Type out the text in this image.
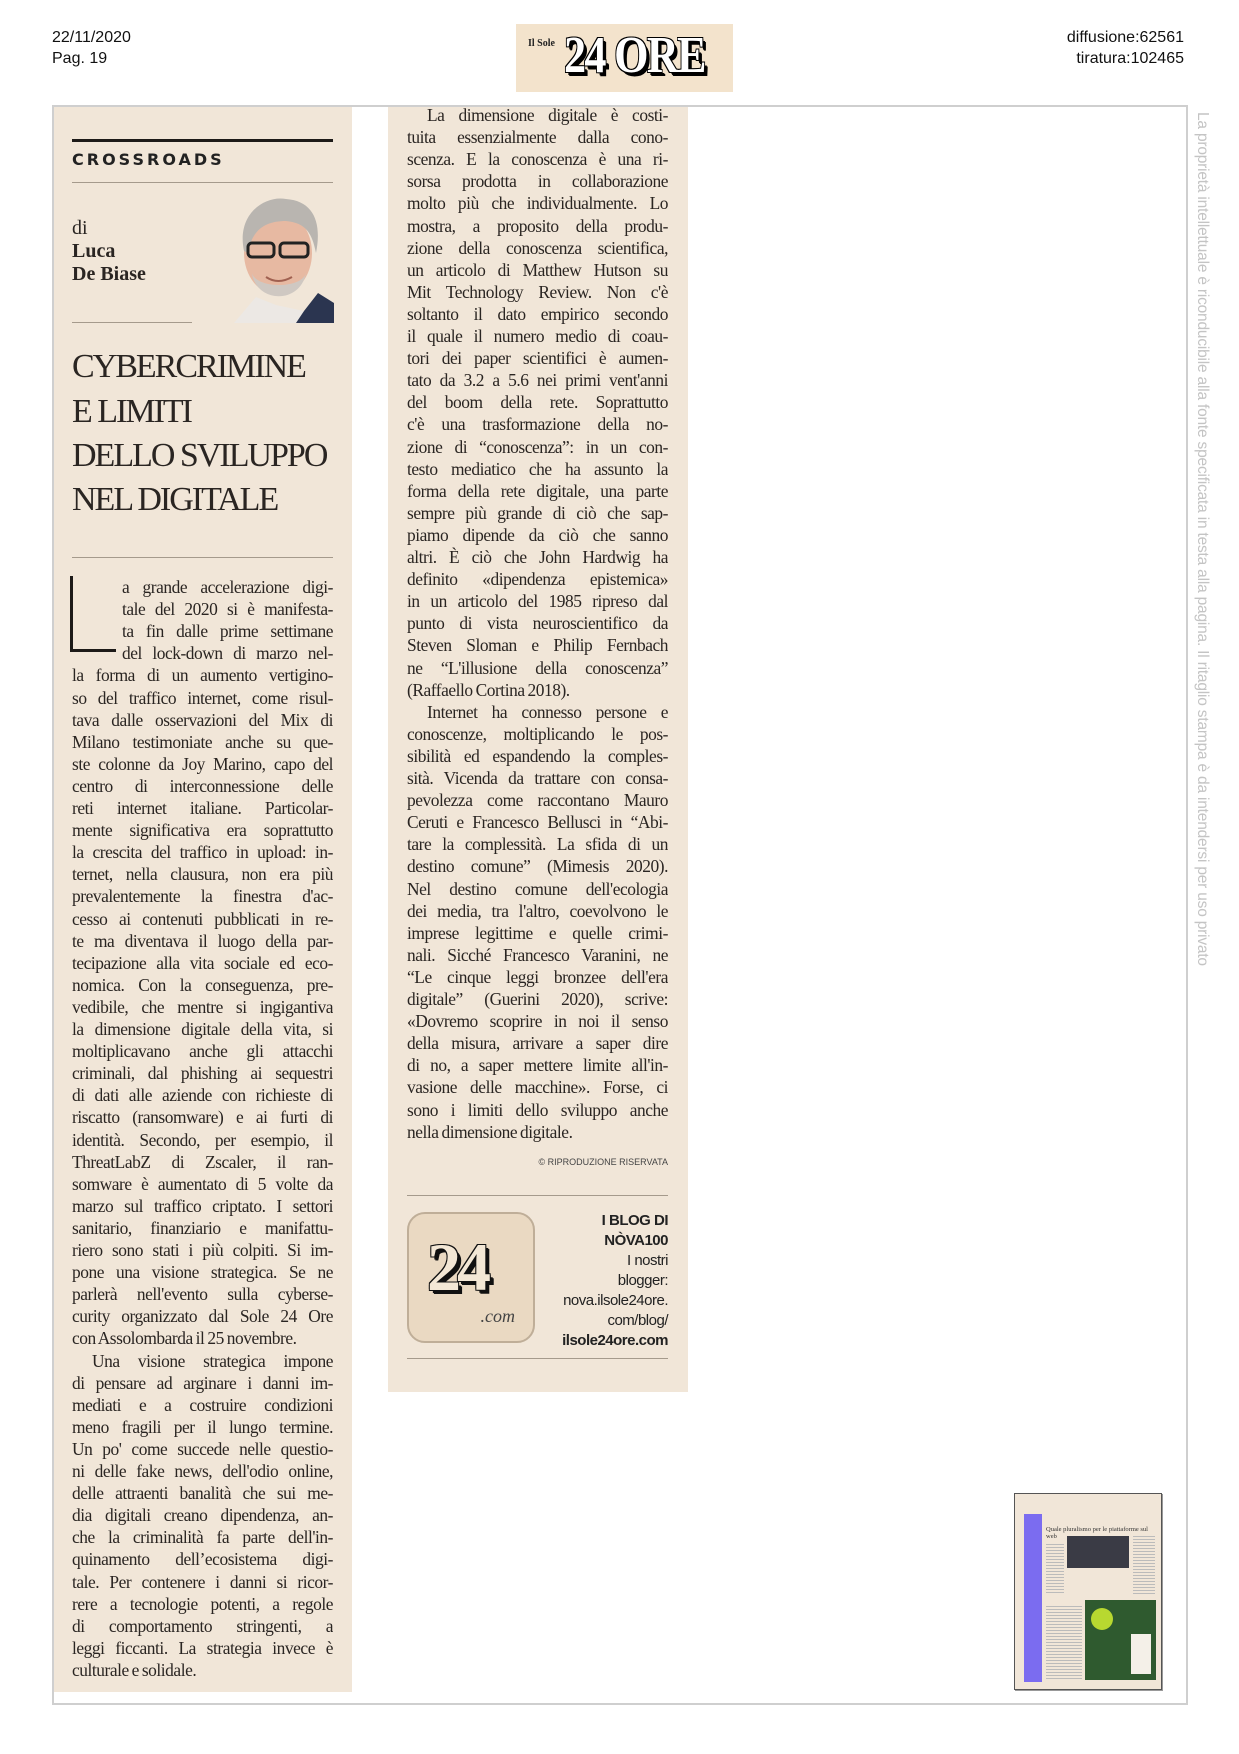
22/11/2020
Pag. 19
Il Sole 24 ORE	diffusione:62561
tiratura:102465
CROSSROADS
di
Luca
De Biase
CYBERCRIMINE
E LIMITI
DELLO SVILUPPO
NEL DIGITALE
a grande accelerazione digi-
tale del 2020 si è manifesta-
ta fin dalle prime settimane
del lock-down di marzo nel-
la forma di un aumento vertigino-
so del traffico internet, come risul-
tava dalle osservazioni del Mix di
Milano testimoniate anche su que-
ste colonne da Joy Marino, capo del
centro di interconnessione delle
reti internet italiane. Particolar-
mente significativa era soprattutto
la crescita del traffico in upload: in-
ternet, nella clausura, non era più
prevalentemente la finestra d'ac-
cesso ai contenuti pubblicati in re-
te ma diventava il luogo della par-
tecipazione alla vita sociale ed eco-
nomica. Con la conseguenza, pre-
vedibile, che mentre si ingigantiva
la dimensione digitale della vita, si
moltiplicavano anche gli attacchi
criminali, dal phishing ai sequestri
di dati alle aziende con richieste di
riscatto (ransomware) e ai furti di
identità. Secondo, per esempio, il
ThreatLabZ di Zscaler, il ran-
somware è aumentato di 5 volte da
marzo sul traffico criptato. I settori
sanitario, finanziario e manifattu-
riero sono stati i più colpiti. Si im-
pone una visione strategica. Se ne
parlerà nell'evento sulla cyberse-
curity organizzato dal Sole 24 Ore
con Assolombarda il 25 novembre.
Una visione strategica impone
di pensare ad arginare i danni im-
mediati e a costruire condizioni
meno fragili per il lungo termine.
Un po' come succede nelle questio-
ni delle fake news, dell'odio online,
delle attraenti banalità che sui me-
dia digitali creano dipendenza, an-
che la criminalità fa parte dell'in-
quinamento dell’ecosistema digi-
tale. Per contenere i danni si ricor-
rere a tecnologie potenti, a regole
di comportamento stringenti, a
leggi ficcanti. La strategia invece è
culturale e solidale.
La dimensione digitale è costi-
tuita essenzialmente dalla cono-
scenza. E la conoscenza è una ri-
sorsa prodotta in collaborazione
molto più che individualmente. Lo
mostra, a proposito della produ-
zione della conoscenza scientifica,
un articolo di Matthew Hutson su
Mit Technology Review. Non c'è
soltanto il dato empirico secondo
il quale il numero medio di coau-
tori dei paper scientifici è aumen-
tato da 3.2 a 5.6 nei primi vent'anni
del boom della rete. Soprattutto
c'è una trasformazione della no-
zione di “conoscenza”: in un con-
testo mediatico che ha assunto la
forma della rete digitale, una parte
sempre più grande di ciò che sap-
piamo dipende da ciò che sanno
altri. È ciò che John Hardwig ha
definito «dipendenza epistemica»
in un articolo del 1985 ripreso dal
punto di vista neuroscientifico da
Steven Sloman e Philip Fernbach
ne “L'illusione della conoscenza”
(Raffaello Cortina 2018).
Internet ha connesso persone e
conoscenze, moltiplicando le pos-
sibilità ed espandendo la comples-
sità. Vicenda da trattare con consa-
pevolezza come raccontano Mauro
Ceruti e Francesco Bellusci in “Abi-
tare la complessità. La sfida di un
destino comune” (Mimesis 2020).
Nel destino comune dell'ecologia
dei media, tra l'altro, coevolvono le
imprese legittime e quelle crimi-
nali. Sicché Francesco Varanini, ne
“Le cinque leggi bronzee dell'era
digitale” (Guerini 2020), scrive:
«Dovremo scoprire in noi il senso
della misura, arrivare a saper dire
di no, a saper mettere limite all'in-
vasione delle macchine». Forse, ci
sono i limiti dello sviluppo anche
nella dimensione digitale.
© RIPRODUZIONE RISERVATA
24
.com
I BLOG DI
NÒVA100
I nostri
blogger:
nova.ilsole24ore.
com/blog/
ilsole24ore.com
La proprietà intellettuale è riconducibile alla fonte specificata in testa alla pagina. Il ritaglio stampa è da intendersi per uso privato
Quale pluralismo per le piattaforme sul web
